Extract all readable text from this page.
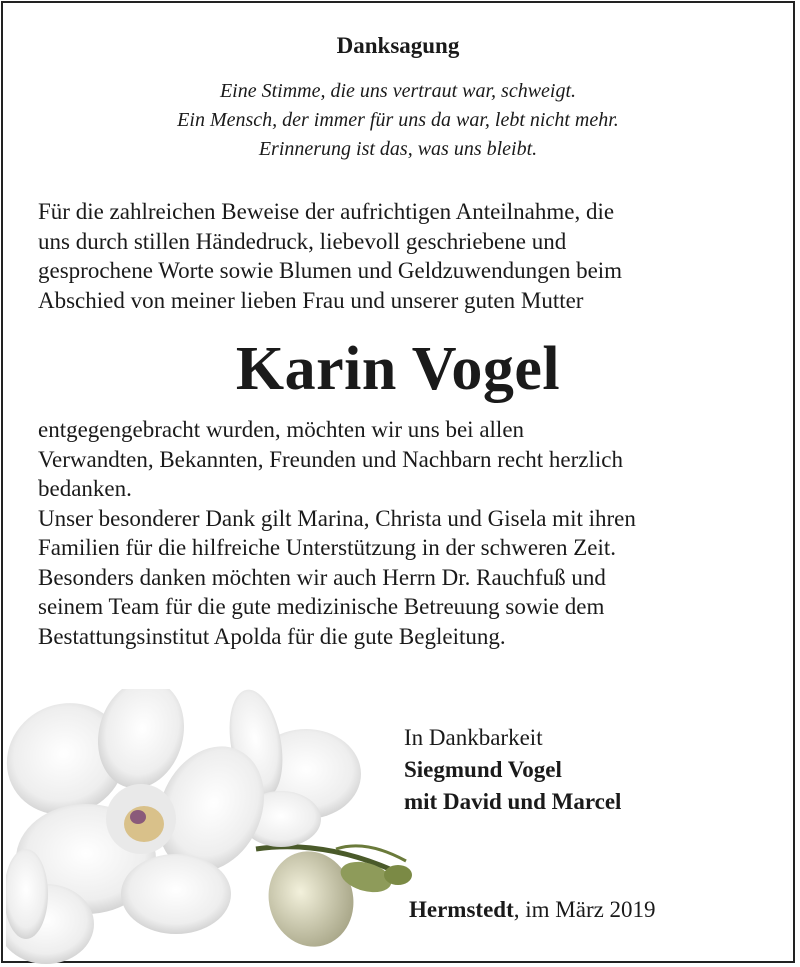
Danksagung
Eine Stimme, die uns vertraut war, schweigt.
Ein Mensch, der immer für uns da war, lebt nicht mehr.
Erinnerung ist das, was uns bleibt.
Für die zahlreichen Beweise der aufrichtigen Anteilnahme, die
uns durch stillen Händedruck, liebevoll geschriebene und
gesprochene Worte sowie Blumen und Geldzuwendungen beim
Abschied von meiner lieben Frau und unserer guten Mutter
Karin Vogel
entgegengebracht wurden, möchten wir uns bei allen
Verwandten, Bekannten, Freunden und Nachbarn recht herzlich
bedanken.
Unser besonderer Dank gilt Marina, Christa und Gisela mit ihren
Familien für die hilfreiche Unterstützung in der schweren Zeit.
Besonders danken möchten wir auch Herrn Dr. Rauchfuß und
seinem Team für die gute medizinische Betreuung sowie dem
Bestattungsinstitut Apolda für die gute Begleitung.
In Dankbarkeit
Siegmund Vogel
mit David und Marcel
Hermstedt, im März 2019
